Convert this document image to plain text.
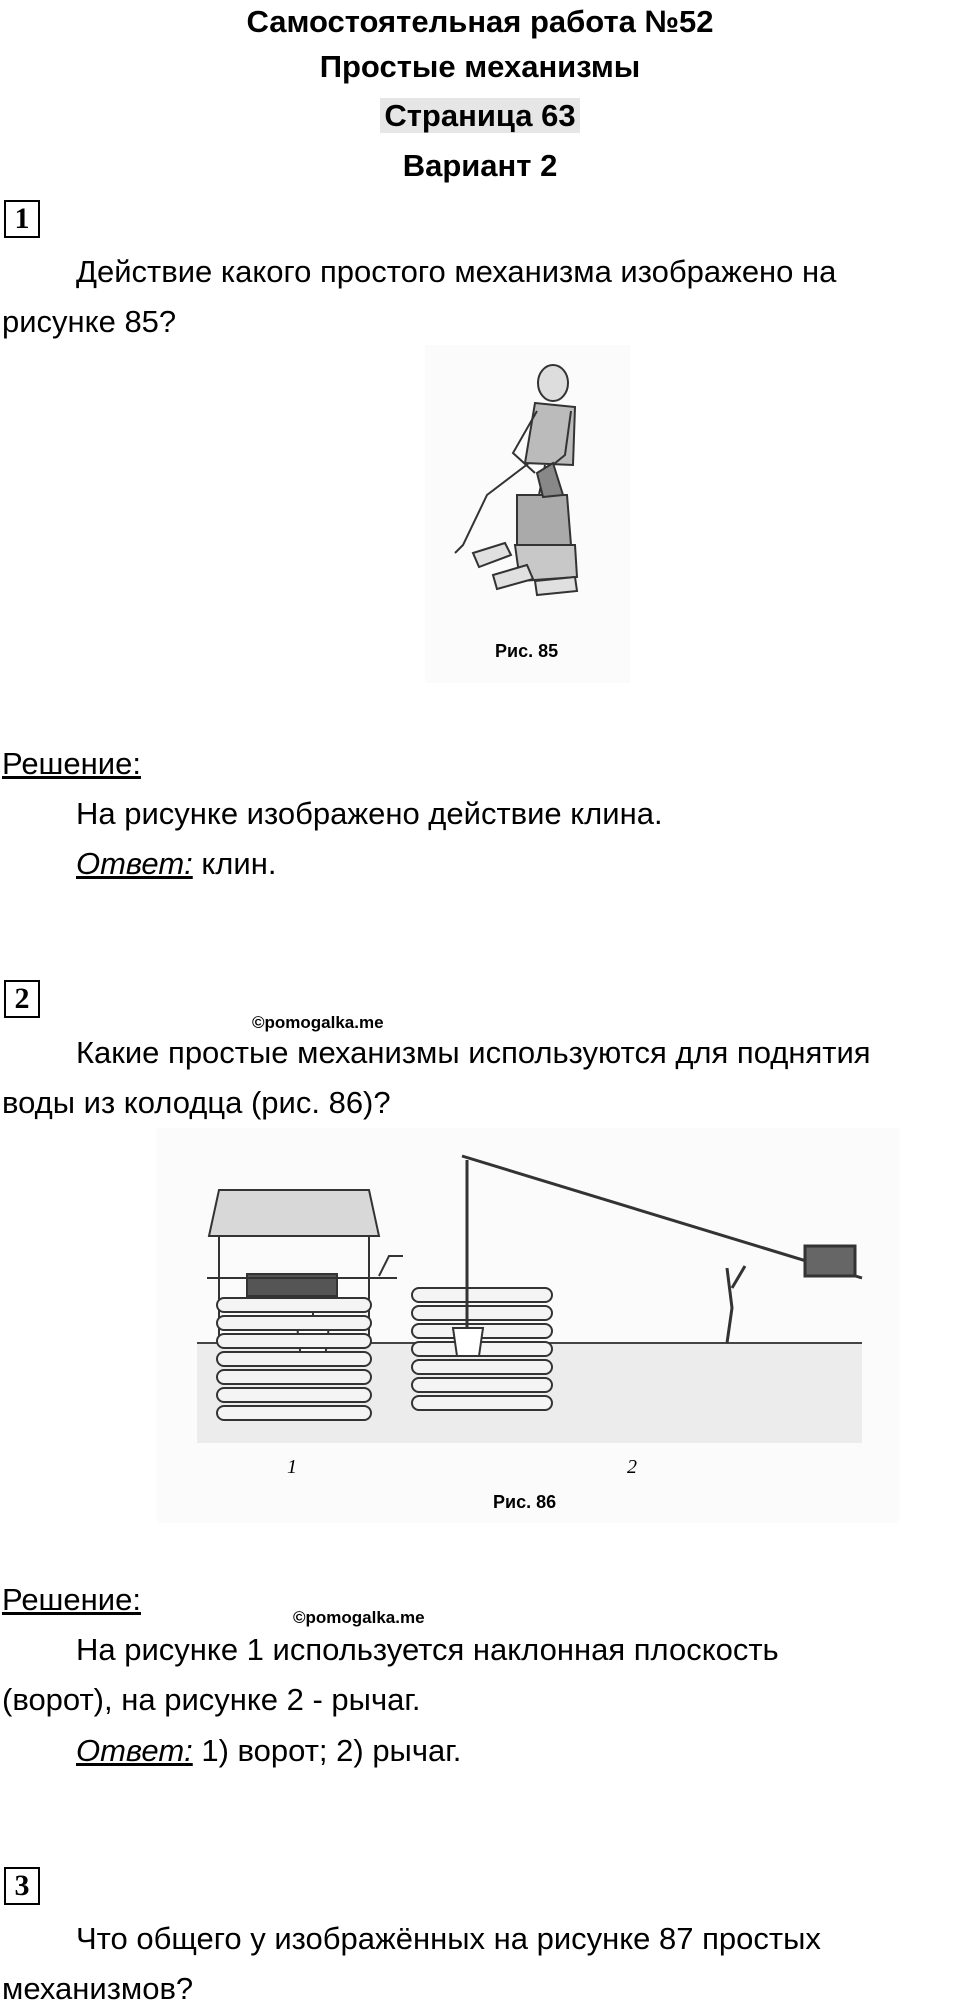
Самостоятельная работа №52
Простые механизмы
Страница 63
Вариант 2
1
Действие какого простого механизма изображено на
рисунке 85?
Рис. 85
Решение:
На рисунке изображено действие клина.
Ответ: клин.
2
©pomogalka.me
Какие простые механизмы используются для поднятия
воды из колодца (рис. 86)?
1	2
Рис. 86
Решение:
©pomogalka.me
На рисунке 1 используется наклонная плоскость
(ворот), на рисунке 2 - рычаг.
Ответ: 1) ворот; 2) рычаг.
3
Что общего у изображённых на рисунке 87 простых
механизмов?
